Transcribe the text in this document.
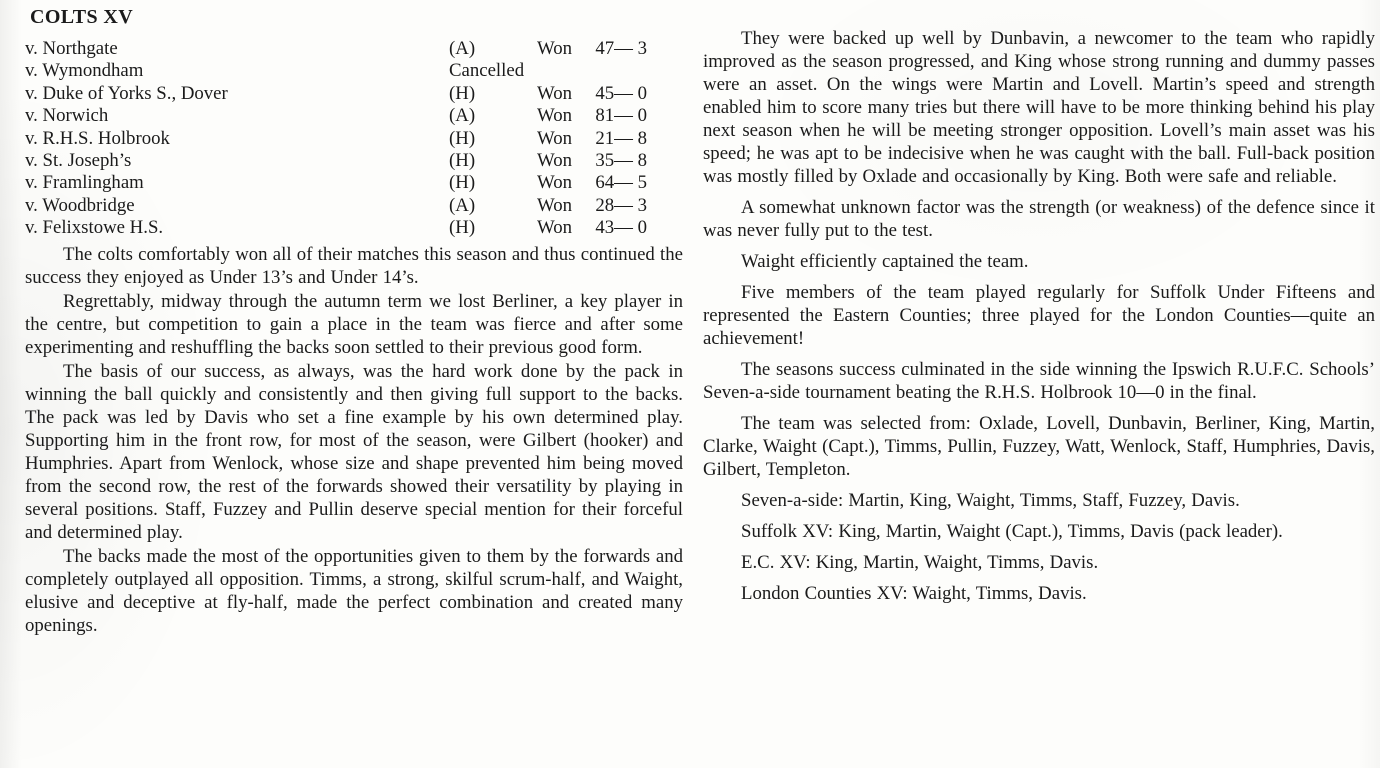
COLTS XV
v. Northgate	(A)	Won	47— 3
v. Wymondham	Cancelled
v. Duke of Yorks S., Dover	(H)	Won	45— 0
v. Norwich	(A)	Won	81— 0
v. R.H.S. Holbrook	(H)	Won	21— 8
v. St. Joseph’s	(H)	Won	35— 8
v. Framlingham	(H)	Won	64— 5
v. Woodbridge	(A)	Won	28— 3
v. Felixstowe H.S.	(H)	Won	43— 0

The colts comfortably won all of their matches this season and thus continued the success they enjoyed as Under 13’s and Under 14’s.

Regrettably, midway through the autumn term we lost Berliner, a key player in the centre, but competition to gain a place in the team was fierce and after some experimenting and reshuffling the backs soon settled to their previous good form.

The basis of our success, as always, was the hard work done by the pack in winning the ball quickly and consistently and then giving full support to the backs. The pack was led by Davis who set a fine example by his own determined play. Supporting him in the front row, for most of the season, were Gilbert (hooker) and Humphries. Apart from Wenlock, whose size and shape prevented him being moved from the second row, the rest of the forwards showed their versatility by playing in several positions. Staff, Fuzzey and Pullin deserve special mention for their forceful and determined play.

The backs made the most of the opportunities given to them by the forwards and completely outplayed all opposition. Timms, a strong, skilful scrum-half, and Waight, elusive and deceptive at fly-half, made the perfect combination and created many openings.

They were backed up well by Dunbavin, a newcomer to the team who rapidly improved as the season progressed, and King whose strong running and dummy passes were an asset. On the wings were Martin and Lovell. Martin’s speed and strength enabled him to score many tries but there will have to be more thinking behind his play next season when he will be meeting stronger opposition. Lovell’s main asset was his speed; he was apt to be indecisive when he was caught with the ball. Full-back position was mostly filled by Oxlade and occasionally by King. Both were safe and reliable.

A somewhat unknown factor was the strength (or weakness) of the defence since it was never fully put to the test.

Waight efficiently captained the team.

Five members of the team played regularly for Suffolk Under Fifteens and represented the Eastern Counties; three played for the London Counties—quite an achievement!

The seasons success culminated in the side winning the Ipswich R.U.F.C. Schools’ Seven-a-side tournament beating the R.H.S. Holbrook 10—0 in the final.

The team was selected from: Oxlade, Lovell, Dunbavin, Berliner, King, Martin, Clarke, Waight (Capt.), Timms, Pullin, Fuzzey, Watt, Wenlock, Staff, Humphries, Davis, Gilbert, Templeton.

Seven-a-side: Martin, King, Waight, Timms, Staff, Fuzzey, Davis.

Suffolk XV: King, Martin, Waight (Capt.), Timms, Davis (pack leader).

E.C. XV: King, Martin, Waight, Timms, Davis.

London Counties XV: Waight, Timms, Davis.
